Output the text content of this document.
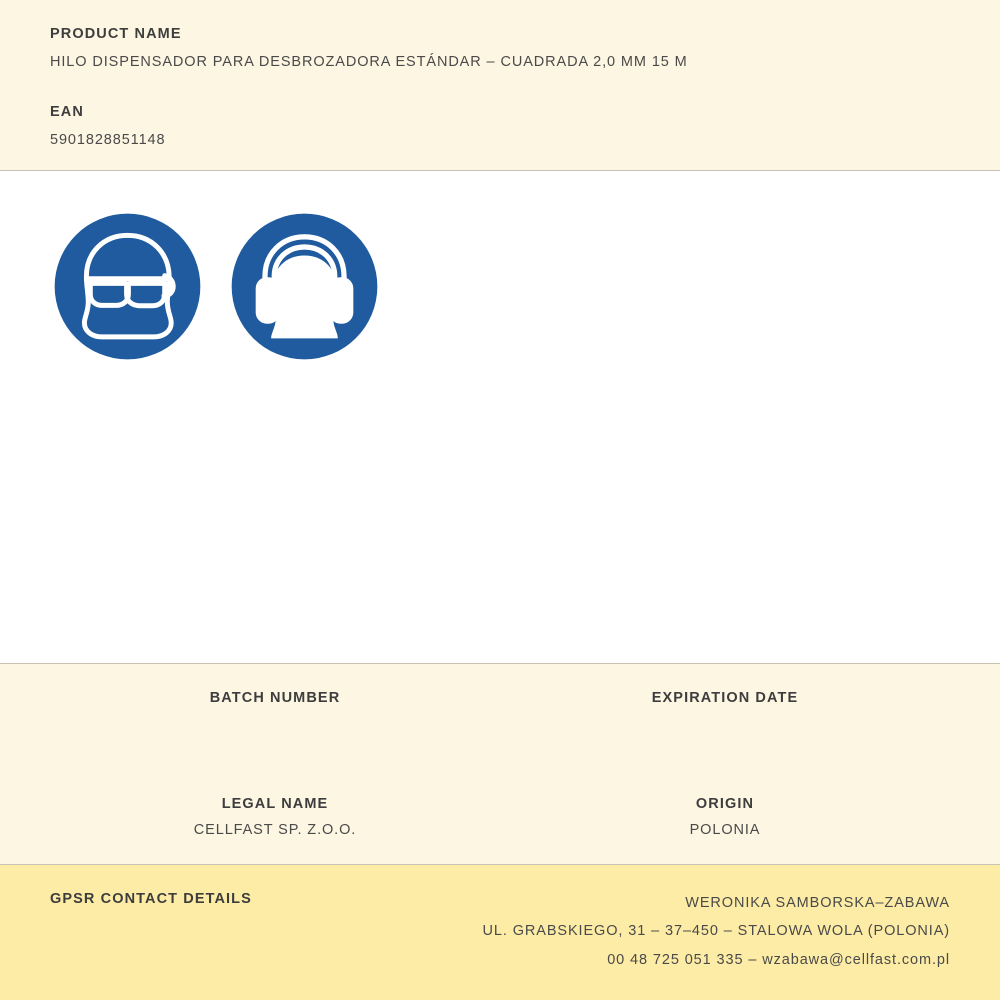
PRODUCT NAME
HILO DISPENSADOR PARA DESBROZADORA ESTÁNDAR – CUADRADA 2,0 MM 15 M
EAN
5901828851148
BATCH NUMBER	EXPIRATION DATE
LEGAL NAME
CELLFAST SP. Z.O.O.
ORIGIN
POLONIA
GPSR CONTACT DETAILS	WERONIKA SAMBORSKA–ZABAWA
UL. GRABSKIEGO, 31 – 37–450 – STALOWA WOLA (POLONIA)
00 48 725 051 335 – wzabawa@cellfast.com.pl
